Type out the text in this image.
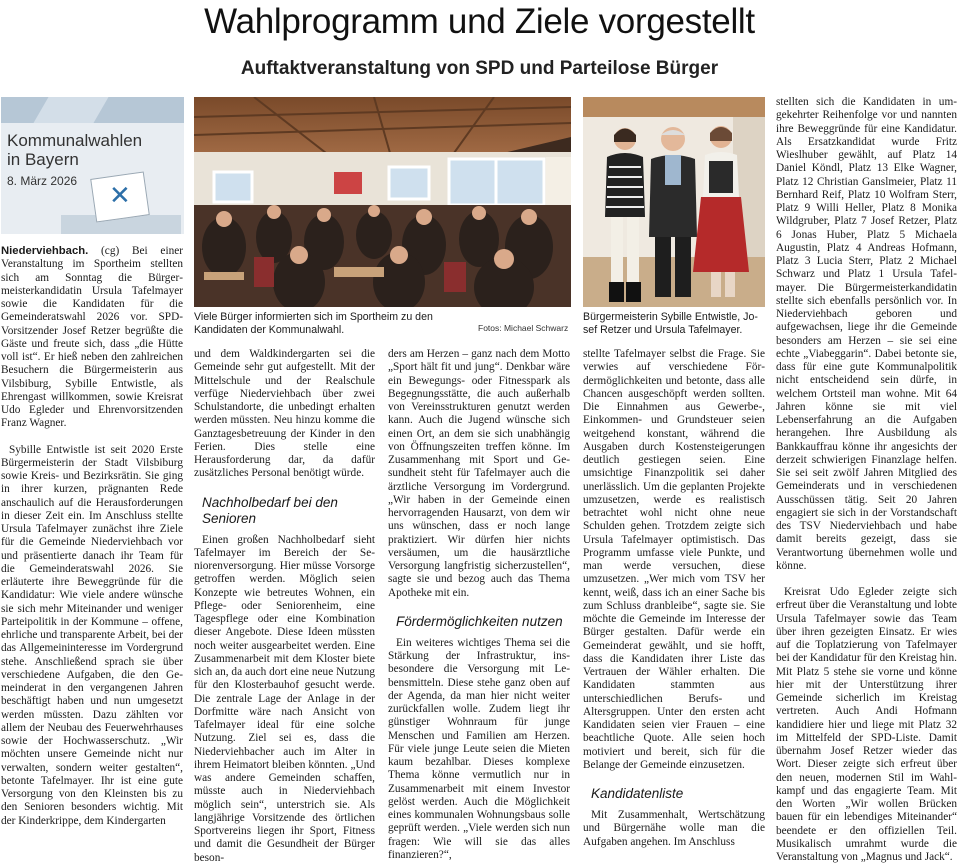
Wahlprogramm und Ziele vorgestellt
Auftaktveranstaltung von SPD und Parteilose Bürger
Kommunalwahlen
in Bayern
8. März 2026 ✕
Viele Bürger informierten sich im Sportheim zu den Kandidaten der Kommunalwahl.	Fotos: Michael Schwarz
Bürgermeisterin Sybille Entwistle, Josef Retzer und Ursula Tafelmayer.

Niederviehbach. (cg) Bei einer Veranstaltung im Sportheim stellten sich am Sonntag die Bürgermeisterkandidatin Ursula Tafelmayer sowie die Kandidaten für die Gemeinderatswahl 2026 vor. SPD-Vorsitzender Josef Retzer begrüßte die Gäste und freute sich, dass „die Hütte voll ist“. Er hieß neben den zahlreichen Besuchern die Bürgermeisterin aus Vilsbiburg, Sybille Entwistle, als Ehrengast willkommen, sowie Kreisrat Udo Egleder und Ehrenvorsitzenden Franz Wagner.

Sybille Entwistle ist seit 2020 Erste Bürgermeisterin der Stadt Vilsbiburg sowie Kreis- und Bezirksrätin. Sie ging in ihrer kurzen, prägnanten Rede anschaulich auf die Herausforderungen in dieser Zeit ein. Im Anschluss stellte Ursula Tafelmayer zunächst ihre Ziele für die Gemeinde Niederviehbach vor und präsentierte danach ihr Team für die Gemeinderatswahl 2026. Sie erläuterte ihre Beweggründe für die Kandidatur: Wie viele andere wünsche sie sich mehr Miteinander und weniger Parteipolitik in der Kommune – offene, ehrliche und transparente Arbeit, bei der das Allgemeininteresse im Vordergrund stehe. Anschließend sprach sie über verschiedene Aufgaben, die den Gemeinderat in den vergangenen Jahren beschäftigt haben und nun umgesetzt werden müssten. Dazu zählten vor allem der Neubau des Feuerwehrhauses sowie der Hochwasserschutz. „Wir möchten unsere Gemeinde nicht nur verwalten, sondern weiter gestalten“, betonte Tafelmayer. Ihr ist eine gute Versorgung von den Kleinsten bis zu den Senioren besonders wichtig. Mit der Kinderkrippe, dem Kindergarten

und dem Waldkindergarten sei die Gemeinde sehr gut aufgestellt. Mit der Mittelschule und der Realschule verfüge Niederviehbach über zwei Schulstandorte, die unbedingt erhalten werden müssten. Neu hinzu komme die Ganztagesbetreuung der Kinder in den Ferien. Dies stelle eine Herausforderung dar, da dafür zusätzliches Personal benötigt würde.

Nachholbedarf bei den Senioren

Einen großen Nachholbedarf sieht Tafelmayer im Bereich der Seniorenversorgung. Hier müsse Vorsorge getroffen werden. Möglich seien Konzepte wie betreutes Wohnen, ein Pflege- oder Seniorenheim, eine Tagespflege oder eine Kombination dieser Angebote. Diese Ideen müssten noch weiter ausgearbeitet werden. Eine Zusammenarbeit mit dem Kloster biete sich an, da auch dort eine neue Nutzung für den Klosterbauhof gesucht werde. Die zentrale Lage der Anlage in der Dorfmitte wäre nach Ansicht von Tafelmayer ideal für eine solche Nutzung. Ziel sei es, dass die Niederviehbacher auch im Alter in ihrem Heimatort bleiben könnten. „Und was andere Gemeinden schaffen, müsste auch in Niederviehbach möglich sein“, unterstrich sie. Als langjährige Vorsitzende des örtlichen Sportvereins liegen ihr Sport, Fitness und damit die Gesundheit der Bürger beson-

ders am Herzen – ganz nach dem Motto „Sport hält fit und jung“. Denkbar wäre ein Bewegungs- oder Fitnesspark als Begegnungsstätte, die auch außerhalb von Vereinsstrukturen genutzt werden kann. Auch die Jugend wünsche sich einen Ort, an dem sie sich unabhängig von Öffnungszeiten treffen könne. Im Zusammenhang mit Sport und Gesundheit steht für Tafelmayer auch die ärztliche Versorgung im Vordergrund. „Wir haben in der Gemeinde einen hervorragenden Hausarzt, von dem wir uns wünschen, dass er noch lange praktiziert. Wir dürfen hier nichts versäumen, um die hausärztliche Versorgung langfristig sicherzustellen“, sagte sie und bezog auch das Thema Apotheke mit ein.

Fördermöglichkeiten nutzen

Ein weiteres wichtiges Thema sei die Stärkung der Infrastruktur, insbesondere die Versorgung mit Lebensmitteln. Diese stehe ganz oben auf der Agenda, da man hier nicht weiter zurückfallen wolle. Zudem liegt ihr günstiger Wohnraum für junge Menschen und Familien am Herzen. Für viele junge Leute seien die Mieten kaum bezahlbar. Dieses komplexe Thema könne vermutlich nur in Zusammenarbeit mit einem Investor gelöst werden. Auch die Möglichkeit eines kommunalen Wohnungsbaus solle geprüft werden. „Viele werden sich nun fragen: Wie will sie das alles finanzieren?“,

stellte Tafelmayer selbst die Frage. Sie verwies auf verschiedene Fördermöglichkeiten und betonte, dass alle Chancen ausgeschöpft werden sollten. Die Einnahmen aus Gewerbe-, Einkommen- und Grundsteuer seien weitgehend konstant, während die Ausgaben durch Kostensteigerungen deutlich gestiegen seien. Eine umsichtige Finanzpolitik sei daher unerlässlich. Um die geplanten Projekte umzusetzen, werde es realistisch betrachtet wohl nicht ohne neue Schulden gehen. Trotzdem zeigte sich Ursula Tafelmayer optimistisch. Das Programm umfasse viele Punkte, und man werde versuchen, diese umzusetzen. „Wer mich vom TSV her kennt, weiß, dass ich an einer Sache bis zum Schluss dranbleibe“, sagte sie. Sie möchte die Gemeinde im Interesse der Bürger gestalten. Dafür werde ein Gemeinderat gewählt, und sie hofft, dass die Kandidaten ihrer Liste das Vertrauen der Wähler erhalten. Die Kandidaten stammten aus unterschiedlichen Berufs- und Altersgruppen. Unter den ersten acht Kandidaten seien vier Frauen – eine beachtliche Quote. Alle seien hoch motiviert und bereit, sich für die Belange der Gemeinde einzusetzen.

Kandidatenliste

Mit Zusammenhalt, Wertschätzung und Bürgernähe wolle man die Aufgaben angehen. Im Anschluss

stellten sich die Kandidaten in umgekehrter Reihenfolge vor und nannten ihre Beweggründe für eine Kandidatur. Als Ersatzkandidat wurde Fritz Wieslhuber gewählt, auf Platz 14 Daniel Köndl, Platz 13 Elke Wagner, Platz 12 Christian Ganslmeier, Platz 11 Bernhard Reif, Platz 10 Wolfram Sterr, Platz 9 Willi Heller, Platz 8 Monika Wildgruber, Platz 7 Josef Retzer, Platz 6 Jonas Huber, Platz 5 Michaela Augustin, Platz 4 Andreas Hofmann, Platz 3 Lucia Sterr, Platz 2 Michael Schwarz und Platz 1 Ursula Tafelmayer. Die Bürgermeisterkandidatin stellte sich ebenfalls persönlich vor. In Niederviehbach geboren und aufgewachsen, liege ihr die Gemeinde besonders am Herzen – sie sei eine echte „Viabeggarin“. Dabei betonte sie, dass für eine gute Kommunalpolitik nicht entscheidend sein dürfe, in welchem Ortsteil man wohne. Mit 64 Jahren könne sie mit viel Lebenserfahrung an die Aufgaben herangehen. Ihre Ausbildung als Bankkauffrau könne ihr angesichts der derzeit schwierigen Finanzlage helfen. Sie sei seit zwölf Jahren Mitglied des Gemeinderats und in verschiedenen Ausschüssen tätig. Seit 20 Jahren engagiert sie sich in der Vorstandschaft des TSV Niederviehbach und habe damit bereits gezeigt, dass sie Verantwortung übernehmen wolle und könne.

Kreisrat Udo Egleder zeigte sich erfreut über die Veranstaltung und lobte Ursula Tafelmayer sowie das Team über ihren gezeigten Einsatz. Er wies auf die Toplatzierung von Tafelmayer bei der Kandidatur für den Kreistag hin. Mit Platz 5 stehe sie vorne und könne hier mit der Unterstützung ihrer Gemeinde sicherlich im Kreistag vertreten. Auch Andi Hofmann kandidiere hier und liege mit Platz 32 im Mittelfeld der SPD-Liste. Damit übernahm Josef Retzer wieder das Wort. Dieser zeigte sich erfreut über den neuen, modernen Stil im Wahlkampf und das engagierte Team. Mit den Worten „Wir wollen Brücken bauen für ein lebendiges Miteinander“ beendete er den offiziellen Teil. Musikalisch umrahmt wurde die Veranstaltung von „Magnus und Jack“.
